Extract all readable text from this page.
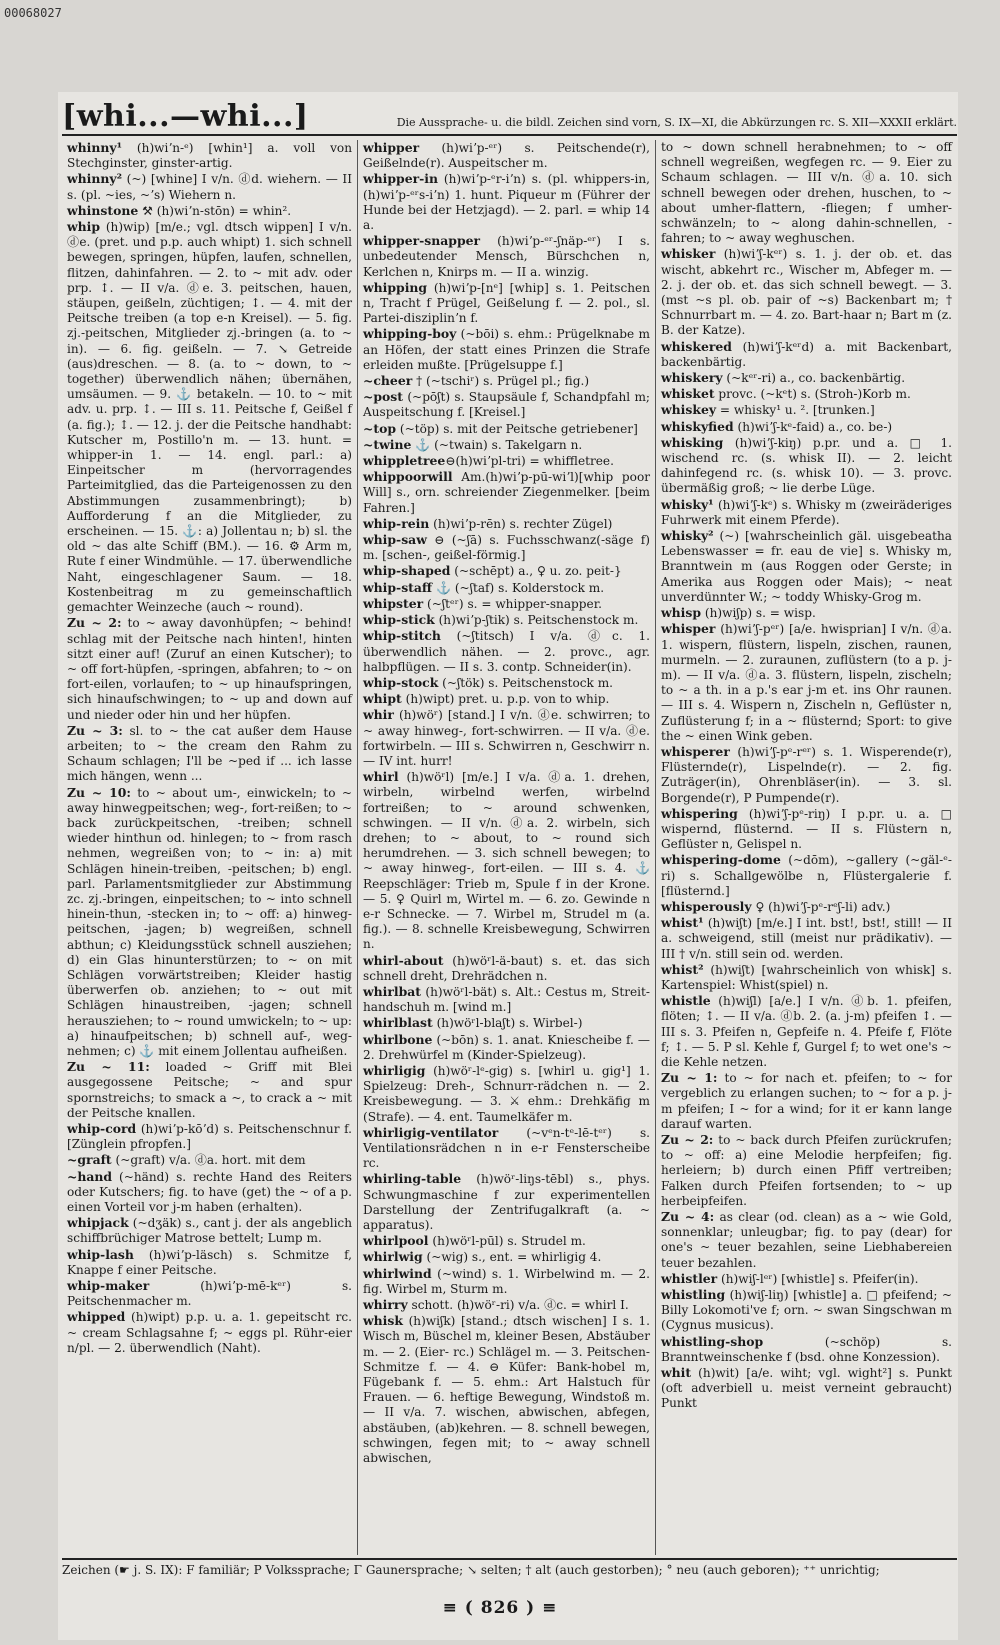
00068027
[whi...—whi...]	Die Aussprache- u. die bildl. Zeichen sind vorn, S. IX—XI, die Abkürzungen rc. S. XII—XXXII erklärt.

whinny¹ (h)wiʼn-ᵉ) [whin¹] a. voll von Stechginster, ginster-artig.

whinny² (~) [whine] I v/n. ⓓd. wiehern. — II s. (pl. ~ies, ~ʼs) Wiehern n.

whinstone ⚒ (h)wiʼn-stōn) = whin².

whip (h)wip) [m/e.; vgl. dtsch wippen] I v/n. ⓓe. (pret. und p.p. auch whipt) 1. sich schnell bewegen, springen, hüpfen, laufen, schnellen, flitzen, dahinfahren. — 2. to ~ mit adv. oder prp. ↕. — II v/a. ⓓe. 3. peitschen, hauen, stäupen, geißeln, züchtigen; ↕. — 4. mit der Peitsche treiben (a top e-n Kreisel). — 5. fig. zj.-peitschen, Mitglieder zj.-bringen (a. to ~ in). — 6. fig. geißeln. — 7. ↘ Getreide (aus)dreschen. — 8. (a. to ~ down, to ~ together) überwendlich nähen; übernähen, umsäumen. — 9. ⚓ betakeln. — 10. to ~ mit adv. u. prp. ↕. — III s. 11. Peitsche f, Geißel f (a. fig.); ↕. — 12. j. der die Peitsche handhabt: Kutscher m, Postillo'n m. — 13. hunt. = whipper-in 1. — 14. engl. parl.: a) Einpeitscher m (hervorragendes Parteimitglied, das die Parteigenossen zu den Abstimmungen zusammenbringt); b) Aufforderung f an die Mitglieder, zu erscheinen. — 15. ⚓: a) Jollentau n; b) sl. the old ~ das alte Schiff (BM.). — 16. ⚙ Arm m, Rute f einer Windmühle. — 17. überwendliche Naht, eingeschlagener Saum. — 18. Kostenbeitrag m zu gemeinschaftlich gemachter Weinzeche (auch ~ round).

Zu ~ 2: to ~ away davonhüpfen; ~ behind! schlag mit der Peitsche nach hinten!, hinten sitzt einer auf! (Zuruf an einen Kutscher); to ~ off fort-hüpfen, -springen, abfahren; to ~ on fort-eilen, vorlaufen; to ~ up hinaufspringen, sich hinaufschwingen; to ~ up and down auf und nieder oder hin und her hüpfen.

Zu ~ 3: sl. to ~ the cat außer dem Hause arbeiten; to ~ the cream den Rahm zu Schaum schlagen; I'll be ~ped if ... ich lasse mich hängen, wenn ...

Zu ~ 10: to ~ about um-, einwickeln; to ~ away hinwegpeitschen; weg-, fort-reißen; to ~ back zurückpeitschen, -treiben; schnell wieder hinthun od. hinlegen; to ~ from rasch nehmen, wegreißen von; to ~ in: a) mit Schlägen hinein-treiben, -peitschen; b) engl. parl. Parlamentsmitglieder zur Abstimmung zc. zj.-bringen, einpeitschen; to ~ into schnell hinein-thun, -stecken in; to ~ off: a) hinweg-peitschen, -jagen; b) wegreißen, schnell abthun; c) Kleidungsstück schnell ausziehen; d) ein Glas hinunterstürzen; to ~ on mit Schlägen vorwärtstreiben; Kleider hastig überwerfen ob. anziehen; to ~ out mit Schlägen hinaustreiben, -jagen; schnell herausziehen; to ~ round umwickeln; to ~ up: a) hinaufpeitschen; b) schnell auf-, weg-nehmen; c) ⚓ mit einem Jollentau aufheißen.

Zu ~ 11: loaded ~ Griff mit Blei ausgegossene Peitsche; ~ and spur spornstreichs; to smack a ~, to crack a ~ mit der Peitsche knallen.

whip-cord (h)wiʼp-kōʼd) s. Peitschenschnur f. [Zünglein pfropfen.]

~graft (~graft) v/a. ⓓa. hort. mit dem

~hand (~händ) s. rechte Hand des Reiters oder Kutschers; fig. to have (get) the ~ of a p. einen Vorteil vor j-m haben (erhalten).

whipjack (~dʒäk) s., cant j. der als angeblich schiffbrüchiger Matrose bettelt; Lump m.

whip-lash (h)wiʼp-läsch) s. Schmitze f, Knappe f einer Peitsche.

whip-maker (h)wiʼp-mē-kᵉʳ) s. Peitschenmacher m.

whipped (h)wipt) p.p. u. a. 1. gepeitscht rc. ~ cream Schlagsahne f; ~ eggs pl. Rühr-eier n/pl. — 2. überwendlich (Naht).

whipper (h)wiʼp-ᵉʳ) s. Peitschende(r), Geißelnde(r). Auspeitscher m.

whipper-in (h)wiʼp-ᵉr-iʼn) s. (pl. whippers-in, (h)wiʼp-ᵉʳs-iʼn) 1. hunt. Piqueur m (Führer der Hunde bei der Hetzjagd). — 2. parl. = whip 14 a.

whipper-snapper (h)wiʼp-ᵉʳ-ʃnäp-ᵉʳ) I s. unbedeutender Mensch, Bürschchen n, Kerlchen n, Knirps m. — II a. winzig.

whipping (h)wiʼp-[nᵉ] [whip] s. 1. Peitschen n, Tracht f Prügel, Geißelung f. — 2. pol., sl. Partei-disziplinʼn f.

whipping-boy (~bōi) s. ehm.: Prügelknabe m an Höfen, der statt eines Prinzen die Strafe erleiden mußte. [Prügelsuppe f.]

~cheer † (~tschiʳ) s. Prügel pl.; fig.)

~post (~pōʃt) s. Staupsäule f, Schandpfahl m; Auspeitschung f. [Kreisel.]

~top (~töp) s. mit der Peitsche getriebener]

~twine ⚓ (~twain) s. Takelgarn n.

whippletree⊖(h)wiʼpl-tri) = whiffletree.

whippoorwill Am.(h)wiʼp-pū-wiʼl)[whip poor Will] s., orn. schreiender Ziegenmelker. [beim Fahren.]

whip-rein (h)wiʼp-rēn) s. rechter Zügel)

whip-saw ⊖ (~ʃā) s. Fuchsschwanz(-säge f) m. [schen-, geißel-förmig.]

whip-shaped (~schēpt) a., ♀ u. zo. peit-}

whip-staff ⚓ (~ʃtaf) s. Kolderstock m.

whipster (~ʃtᵉʳ) s. = whipper-snapper.

whip-stick (h)wiʼp-ʃtik) s. Peitschenstock m.

whip-stitch (~ʃtitsch) I v/a. ⓓc. 1. überwendlich nähen. — 2. provc., agr. halbpflügen. — II s. 3. contp. Schneider(in).

whip-stock (~ʃtök) s. Peitschenstock m.

whipt (h)wipt) pret. u. p.p. von to whip.

whir (h)wöʳ) [stand.] I v/n. ⓓe. schwirren; to ~ away hinweg-, fort-schwirren. — II v/a. ⓓe. fortwirbeln. — III s. Schwirren n, Geschwirr n. — IV int. hurr!

whirl (h)wöʳl) [m/e.] I v/a. ⓓa. 1. drehen, wirbeln, wirbelnd werfen, wirbelnd fortreißen; to ~ around schwenken, schwingen. — II v/n. ⓓa. 2. wirbeln, sich drehen; to ~ about, to ~ round sich herumdrehen. — 3. sich schnell bewegen; to ~ away hinweg-, fort-eilen. — III s. 4. ⚓ Reepschläger: Trieb m, Spule f in der Krone. — 5. ♀ Quirl m, Wirtel m. — 6. zo. Gewinde n e-r Schnecke. — 7. Wirbel m, Strudel m (a. fig.). — 8. schnelle Kreisbewegung, Schwirren n.

whirl-about (h)wöʳl-ä-baut) s. et. das sich schnell dreht, Drehrädchen n.

whirlbat (h)wöʳl-bät) s. Alt.: Cestus m, Streit-handschuh m. [wind m.]

whirlblast (h)wöʳl-blaʃt) s. Wirbel-)

whirlbone (~bōn) s. 1. anat. Kniescheibe f. — 2. Drehwürfel m (Kinder-Spielzeug).

whirligig (h)wöʳ-lᵉ-gig) s. [whirl u. gig¹] 1. Spielzeug: Dreh-, Schnurr-rädchen n. — 2. Kreisbewegung. — 3. ⚔ ehm.: Drehkäfig m (Strafe). — 4. ent. Taumelkäfer m.

whirligig-ventilator (~vᵉn-tᵉ-lē-tᵉʳ) s. Ventilationsrädchen n in e-r Fensterscheibe rc.

whirling-table (h)wöʳ-liŋs-tēbl) s., phys. Schwungmaschine f zur experimentellen Darstellung der Zentrifugalkraft (a. ~ apparatus).

whirlpool (h)wöʳl-pūl) s. Strudel m.

whirlwig (~wig) s., ent. = whirligig 4.

whirlwind (~wind) s. 1. Wirbelwind m. — 2. fig. Wirbel m, Sturm m.

whirry schott. (h)wöʳ-ri) v/a. ⓓc. = whirl I.

whisk (h)wiʃk) [stand.; dtsch wischen] I s. 1. Wisch m, Büschel m, kleiner Besen, Abstäuber m. — 2. (Eier- rc.) Schlägel m. — 3. Peitschen-Schmitze f. — 4. ⊖ Küfer: Bank-hobel m, Fügebank f. — 5. ehm.: Art Halstuch für Frauen. — 6. heftige Bewegung, Windstoß m. — II v/a. 7. wischen, abwischen, abfegen, abstäuben, (ab)kehren. — 8. schnell bewegen, schwingen, fegen mit; to ~ away schnell abwischen,

to ~ down schnell herabnehmen; to ~ off schnell wegreißen, wegfegen rc. — 9. Eier zu Schaum schlagen. — III v/n. ⓓa. 10. sich schnell bewegen oder drehen, huschen, to ~ about umher-flattern, -fliegen; f umher-schwänzeln; to ~ along dahin-schnellen, -fahren; to ~ away weghuschen.

whisker (h)wiʼʃ-kᵉʳ) s. 1. j. der ob. et. das wischt, abkehrt rc., Wischer m, Abfeger m. — 2. j. der ob. et. das sich schnell bewegt. — 3. (mst ~s pl. ob. pair of ~s) Backenbart m; † Schnurrbart m. — 4. zo. Bart-haar n; Bart m (z. B. der Katze).

whiskered (h)wiʼʃ-kᵉʳd) a. mit Backenbart, backenbärtig.

whiskery (~kᵉʳ-ri) a., co. backenbärtig.

whisket provc. (~kᵉt) s. (Stroh-)Korb m.

whiskey = whisky¹ u. ². [trunken.]

whiskyfied (h)wiʼʃ-kᵉ-faid) a., co. be-)

whisking (h)wiʼʃ-kiŋ) p.pr. und a. □ 1. wischend rc. (s. whisk II). — 2. leicht dahinfegend rc. (s. whisk 10). — 3. provc. übermäßig groß; ~ lie derbe Lüge.

whisky¹ (h)wiʼʃ-kᵉ) s. Whisky m (zweiräderiges Fuhrwerk mit einem Pferde).

whisky² (~) [wahrscheinlich gäl. uisgebeatha Lebenswasser = fr. eau de vie] s. Whisky m, Branntwein m (aus Roggen oder Gerste; in Amerika aus Roggen oder Mais); ~ neat unverdünnter W.; ~ toddy Whisky-Grog m.

whisp (h)wiʃp) s. = wisp.

whisper (h)wiʼʃ-pᵉʳ) [a/e. hwisprian] I v/n. ⓓa. 1. wispern, flüstern, lispeln, zischen, raunen, murmeln. — 2. zuraunen, zuflüstern (to a p. j-m). — II v/a. ⓓa. 3. flüstern, lispeln, zischeln; to ~ a th. in a p.'s ear j-m et. ins Ohr raunen. — III s. 4. Wispern n, Zischeln n, Geflüster n, Zuflüsterung f; in a ~ flüsternd; Sport: to give the ~ einen Wink geben.

whisperer (h)wiʼʃ-pᵉ-rᵉʳ) s. 1. Wisperende(r), Flüsternde(r), Lispelnde(r). — 2. fig. Zuträger(in), Ohrenbläser(in). — 3. sl. Borgende(r), P Pumpende(r).

whispering (h)wiʼʃ-pᵉ-riŋ) I p.pr. u. a. □ wispernd, flüsternd. — II s. Flüstern n, Geflüster n, Gelispel n.

whispering-dome (~dōm), ~gallery (~gäl-ᵉ-ri) s. Schallgewölbe n, Flüstergalerie f. [flüsternd.]

whisperously ♀ (h)wiʼʃ-pᵉ-rᵉʃ-li) adv.)

whist¹ (h)wiʃt) [m/e.] I int. bst!, bst!, still! — II a. schweigend, still (meist nur prädikativ). — III † v/n. still sein od. werden.

whist² (h)wiʃt) [wahrscheinlich von whisk] s. Kartenspiel: Whist(spiel) n.

whistle (h)wiʃl) [a/e.] I v/n. ⓓb. 1. pfeifen, flöten; ↕. — II v/a. ⓓb. 2. (a. j-m) pfeifen ↕. — III s. 3. Pfeifen n, Gepfeife n. 4. Pfeife f, Flöte f; ↕. — 5. P sl. Kehle f, Gurgel f; to wet one's ~ die Kehle netzen.

Zu ~ 1: to ~ for nach et. pfeifen; to ~ for vergeblich zu erlangen suchen; to ~ for a p. j-m pfeifen; I ~ for a wind; for it er kann lange darauf warten.

Zu ~ 2: to ~ back durch Pfeifen zurückrufen; to ~ off: a) eine Melodie herpfeifen; fig. herleiern; b) durch einen Pfiff vertreiben; Falken durch Pfeifen fortsenden; to ~ up herbeipfeifen.

Zu ~ 4: as clear (od. clean) as a ~ wie Gold, sonnenklar; unleugbar; fig. to pay (dear) for one's ~ teuer bezahlen, seine Liebhabereien teuer bezahlen.

whistler (h)wiʃ-lᵉʳ) [whistle] s. Pfeifer(in).

whistling (h)wiʃ-liŋ) [whistle] a. □ pfeifend; ~ Billy Lokomoti've f; orn. ~ swan Singschwan m (Cygnus musicus).

whistling-shop (~schöp) s. Branntweinschenke f (bsd. ohne Konzession).

whit (h)wit) [a/e. wiht; vgl. wight²] s. Punkt (oft adverbiell u. meist verneint gebraucht) Punkt

Zeichen (☛ j. S. IX): F familiär; P Volkssprache; Γ Gaunersprache; ↘ selten; † alt (auch gestorben); ° neu (auch geboren); ⁺⁺ unrichtig;
≡ ( 826 ) ≡
